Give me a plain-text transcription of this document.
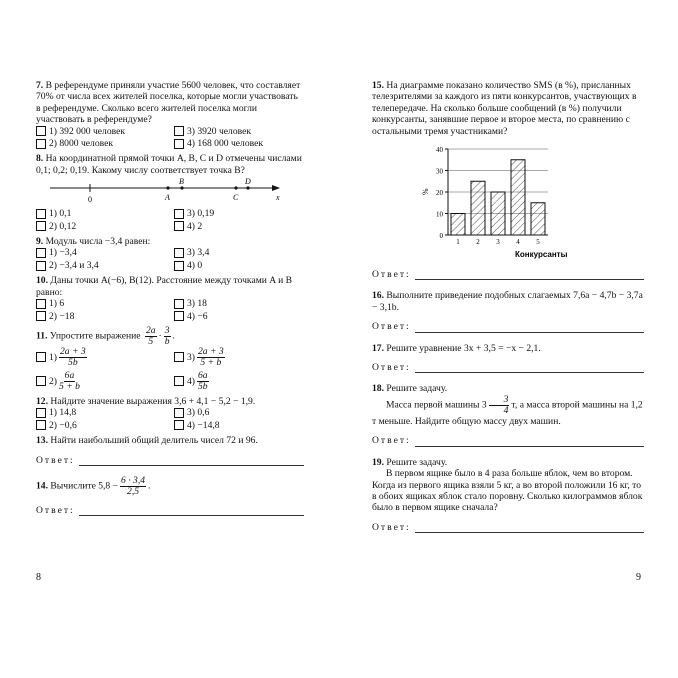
7. В референдуме приняли участие 5600 человек, что составляет 70% от числа всех жителей поселка, которые могли участвовать в референдуме. Сколько всего жителей поселка могли участвовать в референдуме?

1) 392 000 человек	3) 3920 человек
2) 8000 человек	4) 168 000 человек

8. На координатной прямой точки A, B, C и D отмечены числами 0,1; 0,2; 0,19. Какому числу соответствует точка B?

0	A
B
C
D
x
1) 0,1	3) 0,19
2) 0,12	4) 2

9. Модуль числа −3,4 равен:

1) −3,4	3) 3,4
2) −3,4 и 3,4	4) 0

10. Даны точки A(−6), B(12). Расстояние между точками A и B равно:

1) 6	3) 18
2) −18	4) −6

11. Упростите выражение $\frac{2a}{5} \cdot \frac{3}{b}$ .

$1) \frac{2a + 3}{5b}$	$3) \frac{2a + 3}{5 + b}$
$2) \frac{6a}{5 + b}$	$4) \frac{6a}{5b}$

12. Найдите значение выражения 3,6 + 4,1 − 5,2 − 1,9.

1) 14,8	3) 0,6
2) −0,6	4) −14,8

13. Найти наибольший общий делитель чисел 72 и 96.

Ответ:

14. Вычислите $5,8 - \frac{6 \cdot 3,4}{2,5}$ .

Ответ:
8

15. На диаграмме показано количество SMS (в %), присланных телезрителями за каждого из пяти конкурсантов, участвующих в телепередаче. На сколько больше сообщений (в %) получили конкурсанты, занявшие первое и второе места, по сравнению с остальными тремя участниками?

0
10
20
30
40
1 2 3 4 5
%
Конкурсанты
Ответ:

16. Выполните приведение подобных слагаемых 7,6a − 4,7b − 3,7a − 3,1b.

Ответ:

17. Решите уравнение 3x + 3,5 = −x − 2,1.

Ответ:

18. Решите задачу.

Масса первой машины $3 \frac{3}{4} т$, а масса второй машины на 1,2 т меньше. Найдите общую массу двух машин.

Ответ:

19. Решите задачу.

В первом ящике было в 4 раза больше яблок, чем во втором. Когда из первого ящика взяли 5 кг, а во второй положили 16 кг, то в обоих ящиках яблок стало поровну. Сколько килограммов яблок было в первом ящике сначала?

Ответ:
9
